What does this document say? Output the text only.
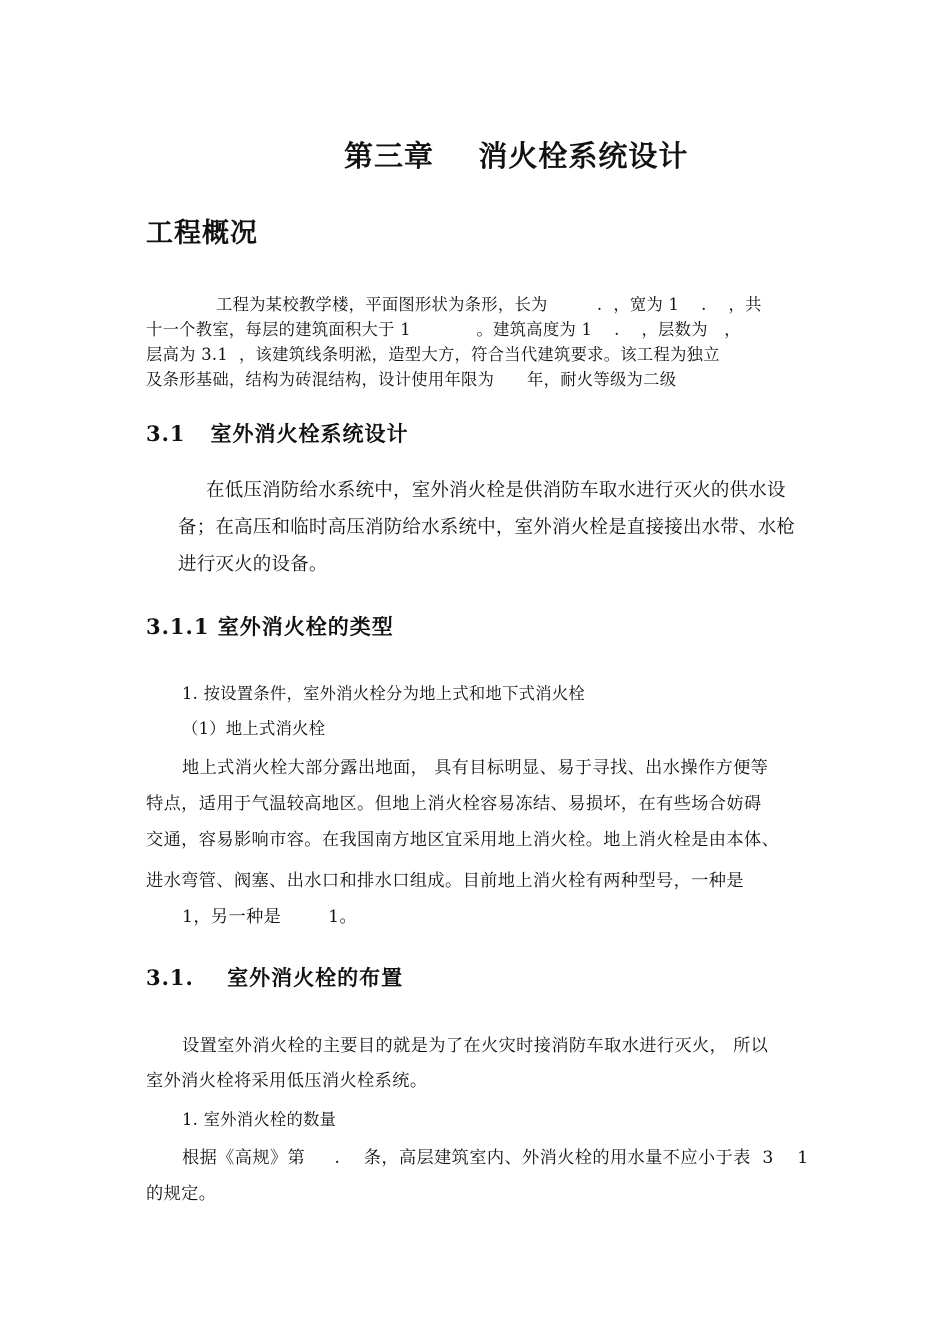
第三章    消火栓系统设计
工程概况

工程为某校教学楼，平面图形状为条形，长为         .  ，宽为 1    .    ，共

十一个教室，每层的建筑面积大于 1            。建筑高度为 1    .    ，层数为   ，

层高为 3.1  ，该建筑线条明淞，造型大方，符合当代建筑要求。该工程为独立

及条形基础，结构为砖混结构，设计使用年限为      年，耐火等级为二级

3.1   室外消火栓系统设计

在低压消防给水系统中，室外消火栓是供消防车取水进行灭火的供水设

备；在高压和临时高压消防给水系统中，室外消火栓是直接接出水带、水枪

进行灭火的设备。

3.1.1 室外消火栓的类型

1. 按设置条件，室外消火栓分为地上式和地下式消火栓

（1）地上式消火栓

地上式消火栓大部分露出地面， 具有目标明显、易于寻找、出水操作方便等

特点，适用于气温较高地区。但地上消火栓容易冻结、易损坏，在有些场合妨碍

交通，容易影响市容。在我国南方地区宜采用地上消火栓。地上消火栓是由本体、

进水弯管、阀塞、出水口和排水口组成。目前地上消火栓有两种型号，一种是

1，另一种是        1。

3.1.    室外消火栓的布置

设置室外消火栓的主要目的就是为了在火灾时接消防车取水进行灭火， 所以

室外消火栓将采用低压消火栓系统。

1. 室外消火栓的数量

根据《高规》第     .    条，高层建筑室内、外消火栓的用水量不应小于表  3    1

的规定。
